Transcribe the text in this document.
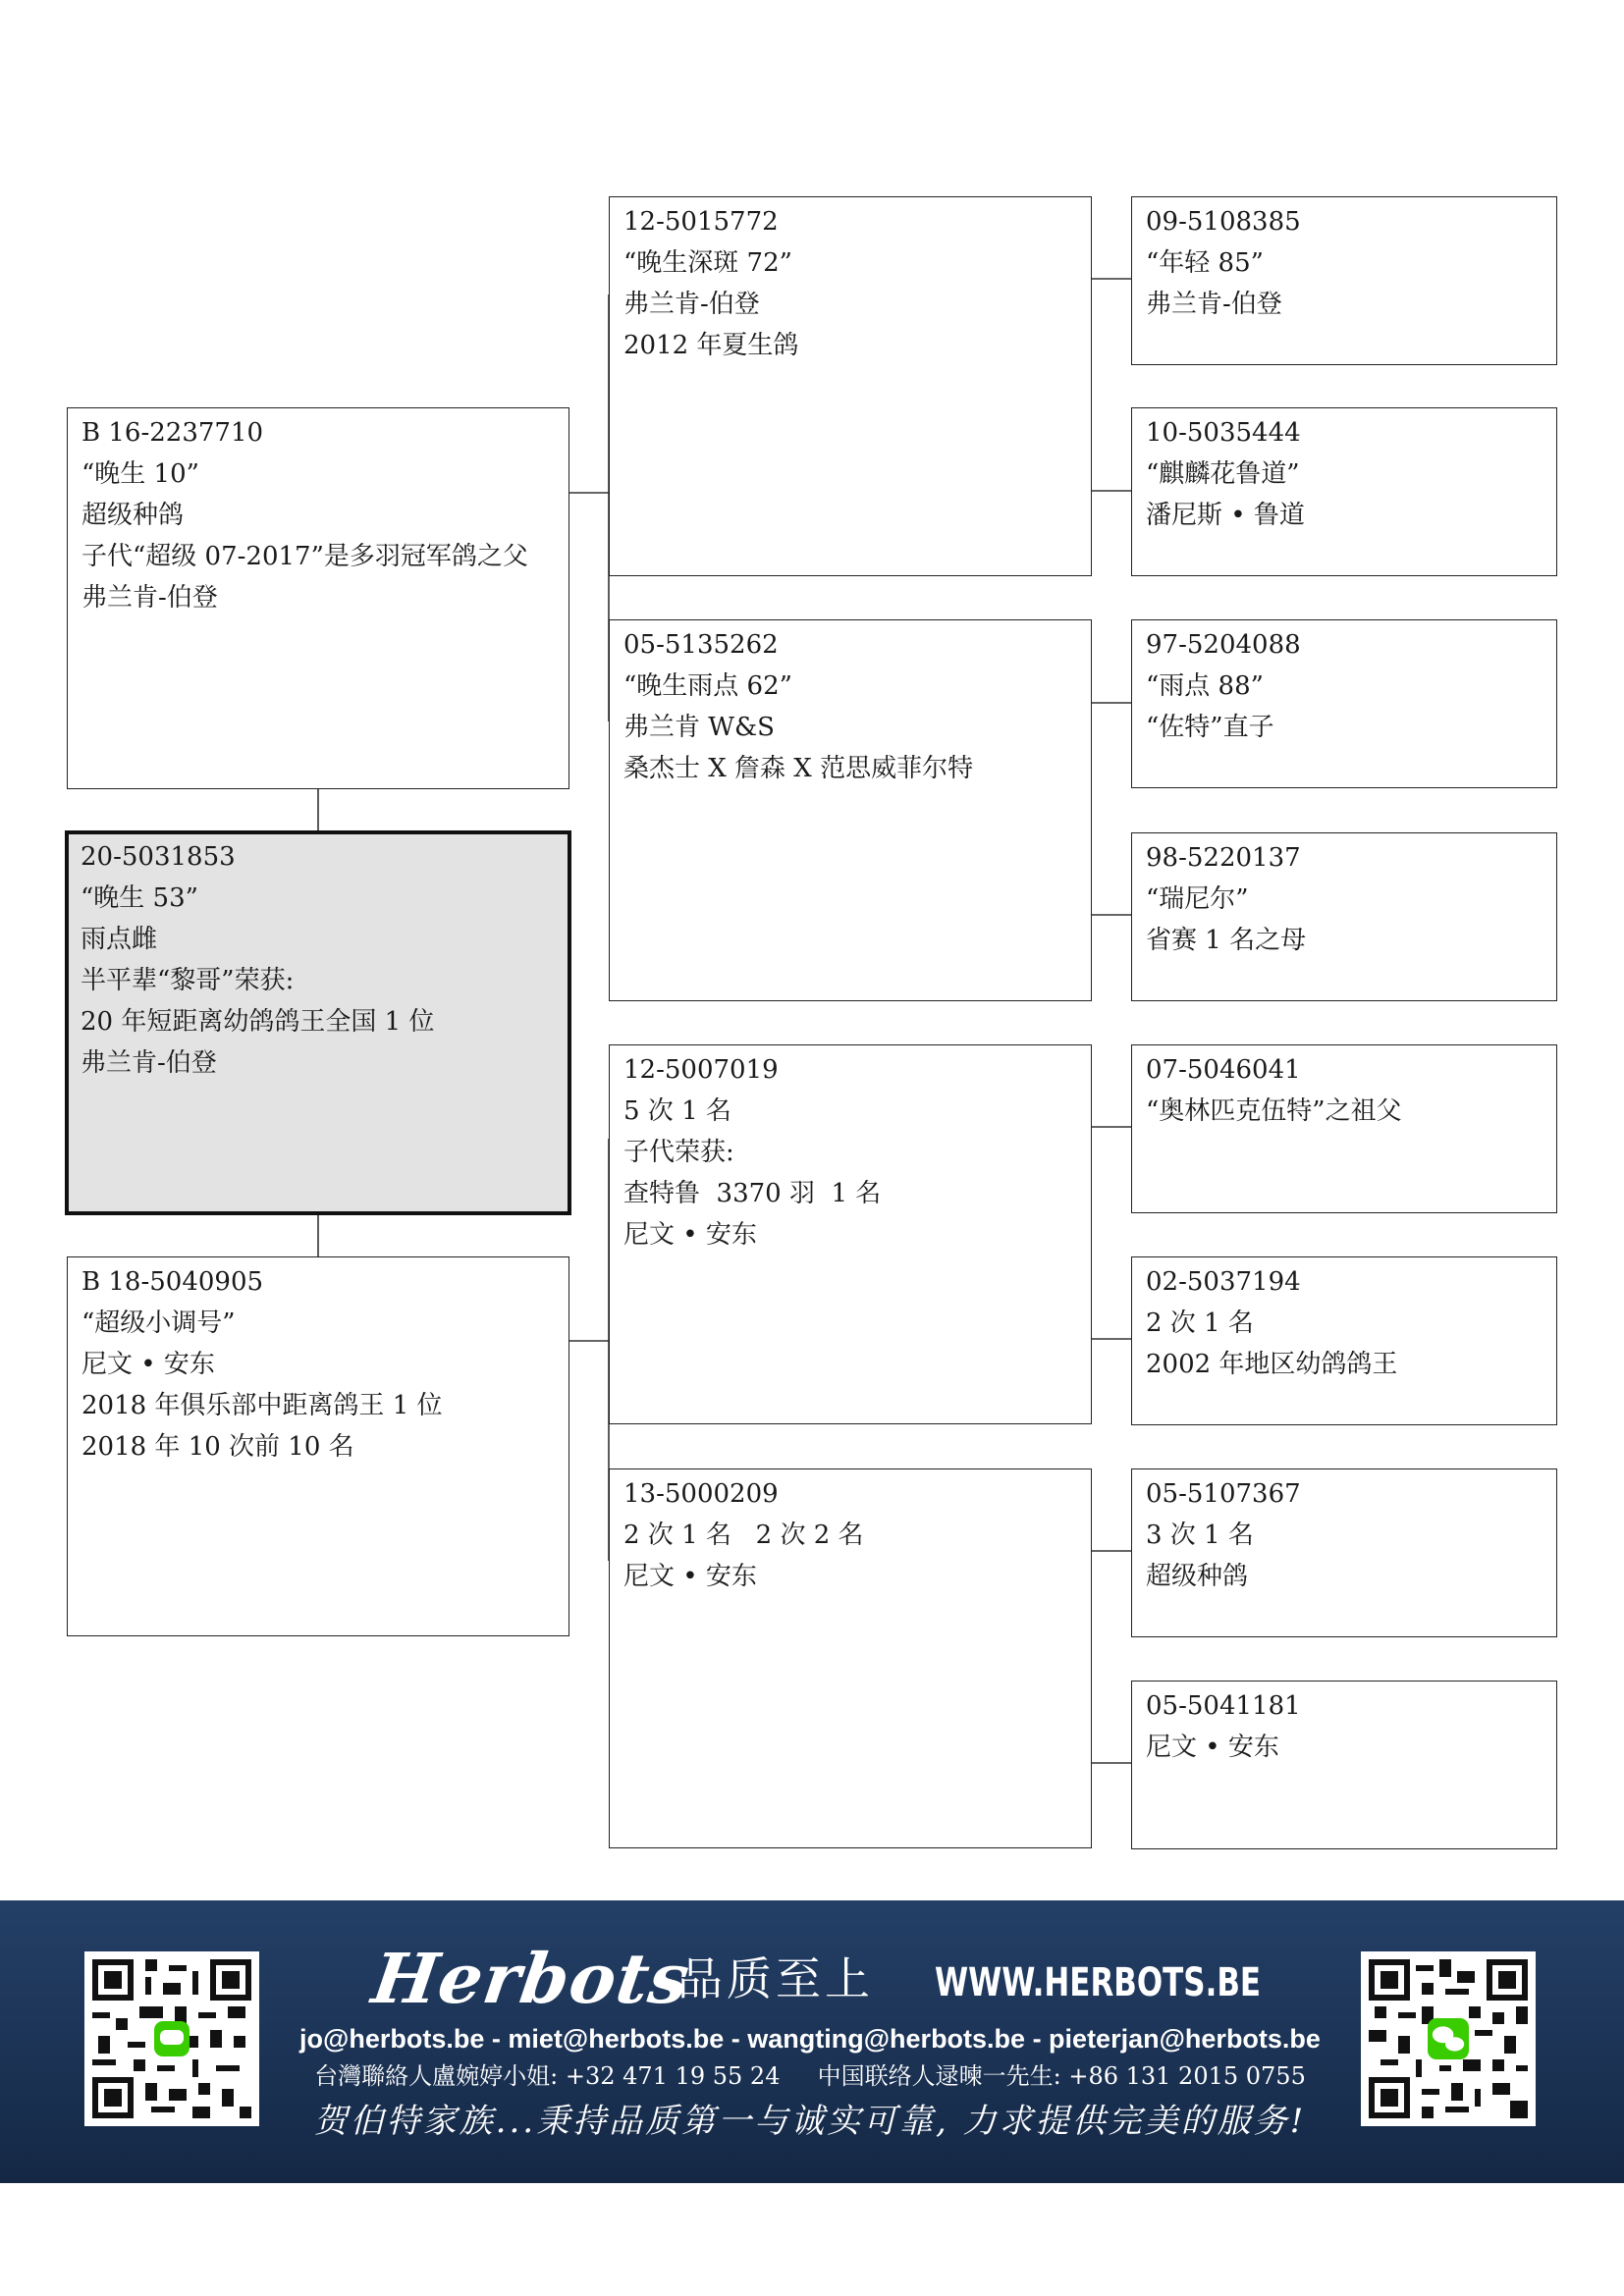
B 16-2237710
“晚生 10”
超级种鸽
子代“超级 07-2017”是多羽冠军鸽之父
弗兰肯-伯登
20-5031853
“晚生 53”
雨点雌
半平辈“黎哥”荣获:
20 年短距离幼鸽鸽王全国 1 位
弗兰肯-伯登
B 18-5040905
“超级小调号”
尼文 • 安东
2018 年俱乐部中距离鸽王 1 位
2018 年 10 次前 10 名
12-5015772
“晚生深斑 72”
弗兰肯-伯登
2012 年夏生鸽
05-5135262
“晚生雨点 62”
弗兰肯 W&S
桑杰士 X 詹森 X 范思威菲尔特
12-5007019
5 次 1 名
子代荣获:
查特鲁  3370 羽  1 名
尼文 • 安东
13-5000209
2 次 1 名   2 次 2 名
尼文 • 安东
09-5108385
“年轻 85”
弗兰肯-伯登
10-5035444
“麒麟花鲁道”
潘尼斯 • 鲁道
97-5204088
“雨点 88”
“佐特”直子
98-5220137
“瑞尼尔”
省赛 1 名之母
07-5046041
“奥林匹克伍特”之祖父
02-5037194
2 次 1 名
2002 年地区幼鸽鸽王
05-5107367
3 次 1 名
超级种鸽
05-5041181
尼文 • 安东
Herbots
品质至上 WWW.HERBOTS.BE
jo@herbots.be - miet@herbots.be - wangting@herbots.be - pieterjan@herbots.be
台灣聯絡人盧婉婷小姐: +32 471 19 55 24 中国联络人逯暕一先生: +86 131 2015 0755
贺伯特家族...秉持品质第一与诚实可靠, 力求提供完美的服务!
